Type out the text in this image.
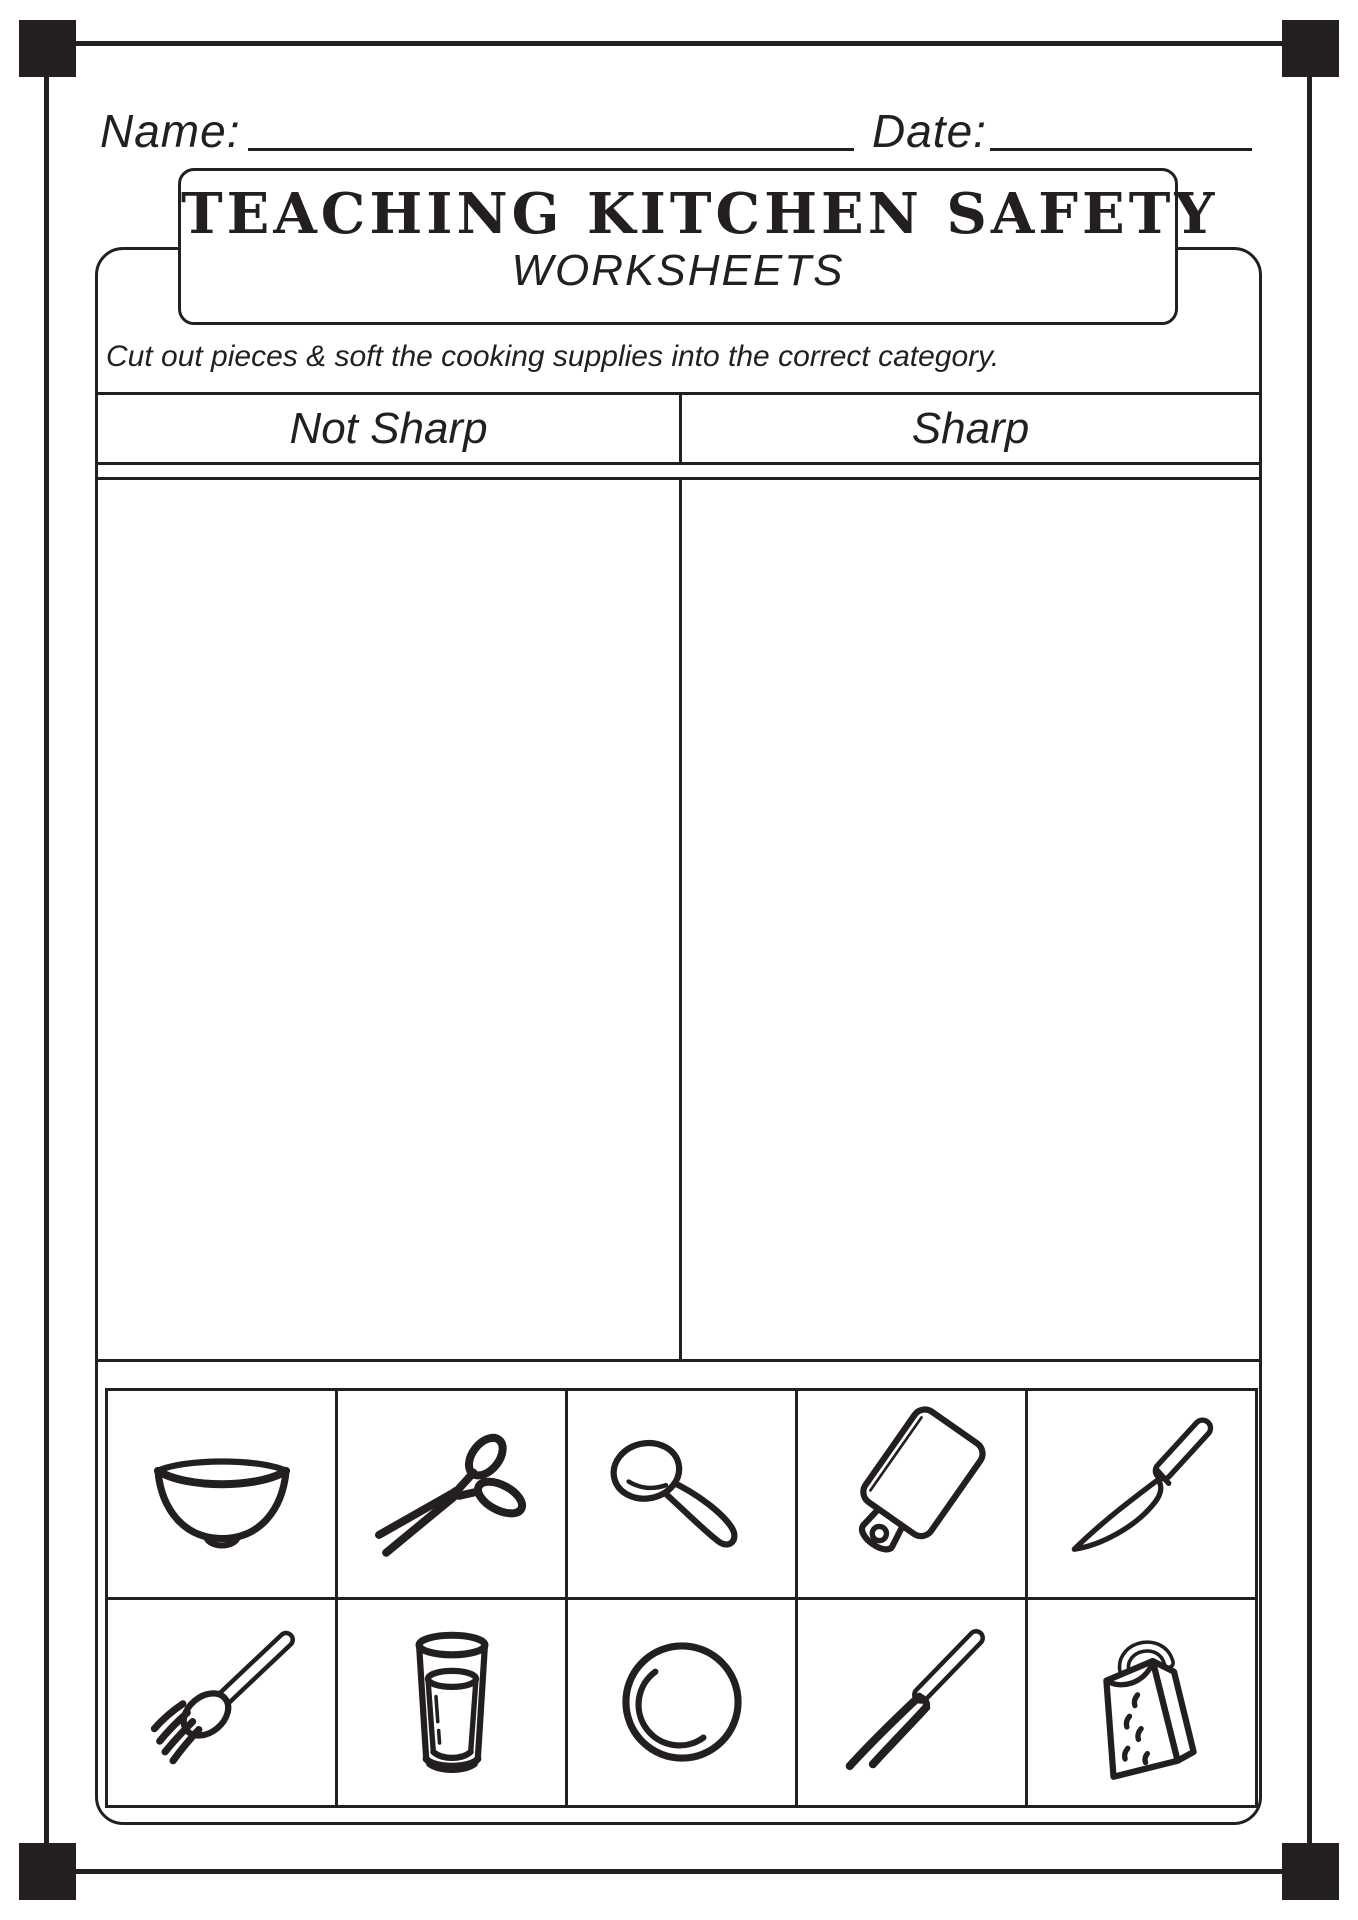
Name:	Date:
TEACHING KITCHEN SAFETY
WORKSHEETS
Cut out pieces & soft the cooking supplies into the correct category.
Not Sharp	Sharp
